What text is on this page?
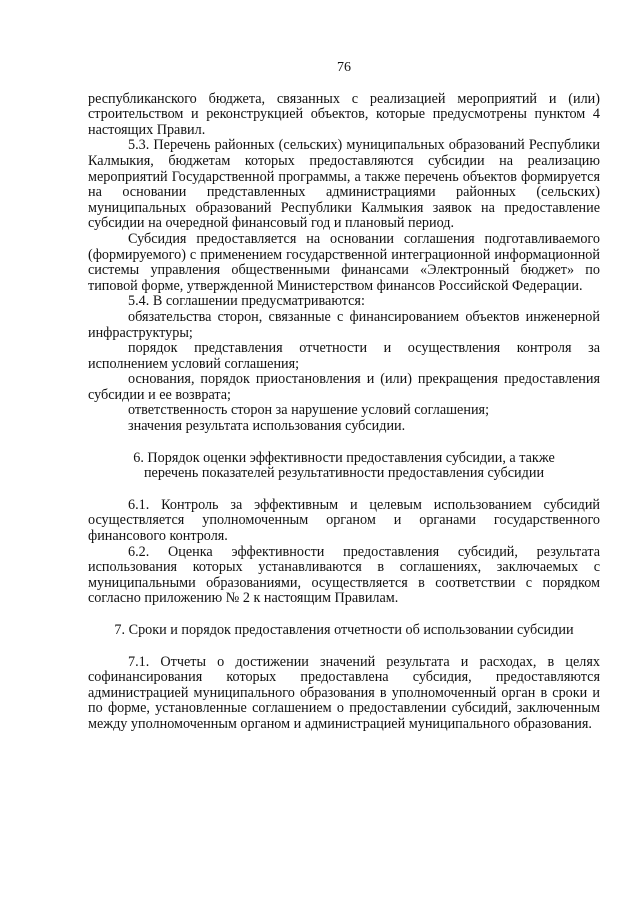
76

республиканского бюджета, связанных с реализацией мероприятий и (или) строительством и реконструкцией объектов, которые предусмотрены пунктом 4 настоящих Правил.

5.3. Перечень районных (сельских) муниципальных образований Республики Калмыкия, бюджетам которых предоставляются субсидии на реализацию мероприятий Государственной программы, а также перечень объектов формируется на основании представленных администрациями районных (сельских) муниципальных образований Республики Калмыкия заявок на предоставление субсидии на очередной финансовый год и плановый период.

Субсидия предоставляется на основании соглашения подготавливаемого (формируемого) с применением государственной интеграционной информационной системы управления общественными финансами «Электронный бюджет» по типовой форме, утвержденной Министерством финансов Российской Федерации.

5.4. В соглашении предусматриваются:

обязательства сторон, связанные с финансированием объектов инженерной инфраструктуры;

порядок представления отчетности и осуществления контроля за исполнением условий соглашения;

основания, порядок приостановления и (или) прекращения предоставления субсидии и ее возврата;

ответственность сторон за нарушение условий соглашения;

значения результата использования субсидии.

6. Порядок оценки эффективности предоставления субсидии, а также
перечень показателей результативности предоставления субсидии

6.1. Контроль за эффективным и целевым использованием субсидий осуществляется уполномоченным органом и органами государственного финансового контроля.

6.2. Оценка эффективности предоставления субсидий, результата использования которых устанавливаются в соглашениях, заключаемых с муниципальными образованиями, осуществляется в соответствии с порядком согласно приложению № 2 к настоящим Правилам.

7. Сроки и порядок предоставления отчетности об использовании субсидии

7.1. Отчеты о достижении значений результата и расходах, в целях софинансирования которых предоставлена субсидия, предоставляются администрацией муниципального образования в уполномоченный орган в сроки и по форме, установленные соглашением о предоставлении субсидий, заключенным между уполномоченным органом и администрацией муниципального образования.
